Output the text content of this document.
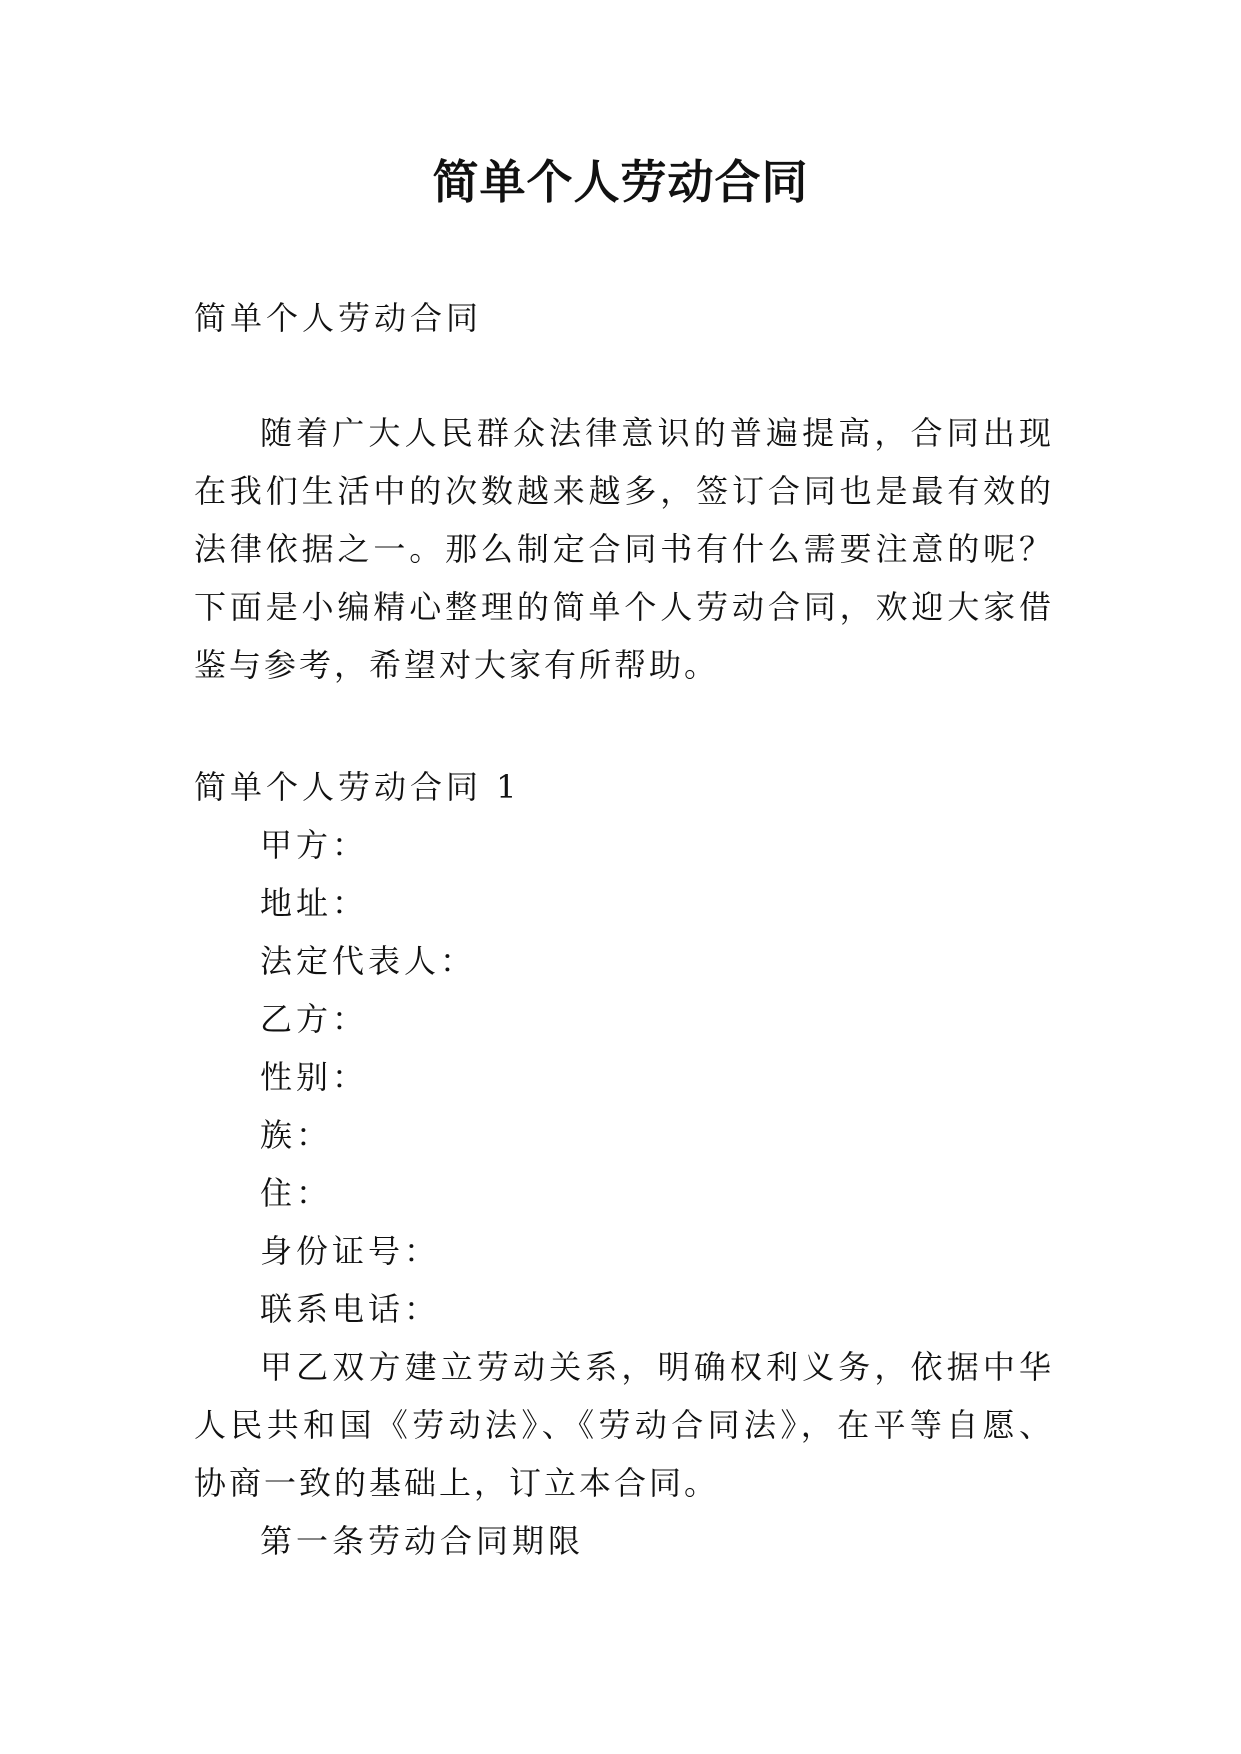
简单个人劳动合同

简单个人劳动合同

随着广大人民群众法律意识的普遍提高，合同出现在我们生活中的次数越来越多，签订合同也是最有效的法律依据之一。那么制定合同书有什么需要注意的呢？下面是小编精心整理的简单个人劳动合同，欢迎大家借鉴与参考，希望对大家有所帮助。

简单个人劳动合同 1
甲方：
地址：
法定代表人：
乙方：
性别：
族：
住：
身份证号：
联系电话：
甲乙双方建立劳动关系，明确权利义务，依据中华人民共和国《劳动法》、《劳动合同法》，在平等自愿、协商一致的基础上，订立本合同。
第一条劳动合同期限
